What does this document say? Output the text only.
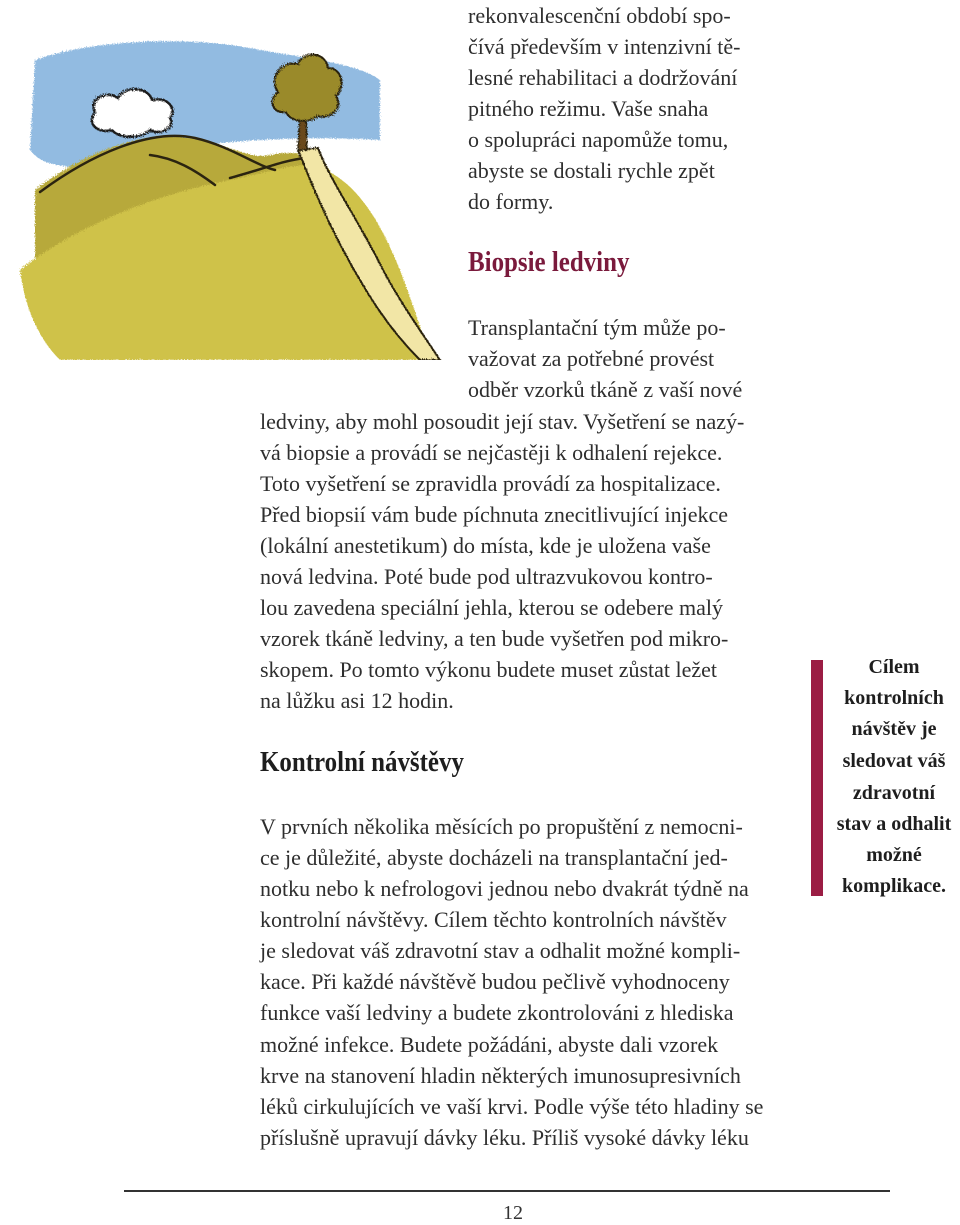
rekonvalescenční období spo-
čívá především v intenzivní tě-
lesné rehabilitaci a dodržování
pitného režimu. Vaše snaha
o spolupráci napomůže tomu,
abyste se dostali rychle zpět
do formy.
Biopsie ledviny
Transplantační tým může po-
važovat za potřebné provést
odběr vzorků tkáně z vaší nové
ledviny, aby mohl posoudit její stav. Vyšetření se nazý-
vá biopsie a provádí se nejčastěji k odhalení rejekce.
Toto vyšetření se zpravidla provádí za hospitalizace.
Před biopsií vám bude píchnuta znecitlivující injekce
(lokální anestetikum) do místa, kde je uložena vaše
nová ledvina. Poté bude pod ultrazvukovou kontro-
lou zavedena speciální jehla, kterou se odebere malý
vzorek tkáně ledviny, a ten bude vyšetřen pod mikro-
skopem. Po tomto výkonu budete muset zůstat ležet
na lůžku asi 12 hodin.
Kontrolní návštěvy
V prvních několika měsících po propuštění z nemocni-
ce je důležité, abyste docházeli na transplantační jed-
notku nebo k nefrologovi jednou nebo dvakrát týdně na
kontrolní návštěvy. Cílem těchto kontrolních návštěv
je sledovat váš zdravotní stav a odhalit možné kompli-
kace. Při každé návštěvě budou pečlivě vyhodnoceny
funkce vaší ledviny a budete zkontrolováni z hlediska
možné infekce. Budete požádáni, abyste dali vzorek
krve na stanovení hladin některých imunosupresivních
léků cirkulujících ve vaší krvi. Podle výše této hladiny se
příslušně upravují dávky léku. Příliš vysoké dávky léku
Cílem
kontrolních
návštěv je
sledovat váš
zdravotní
stav a odhalit
možné
komplikace.
12
